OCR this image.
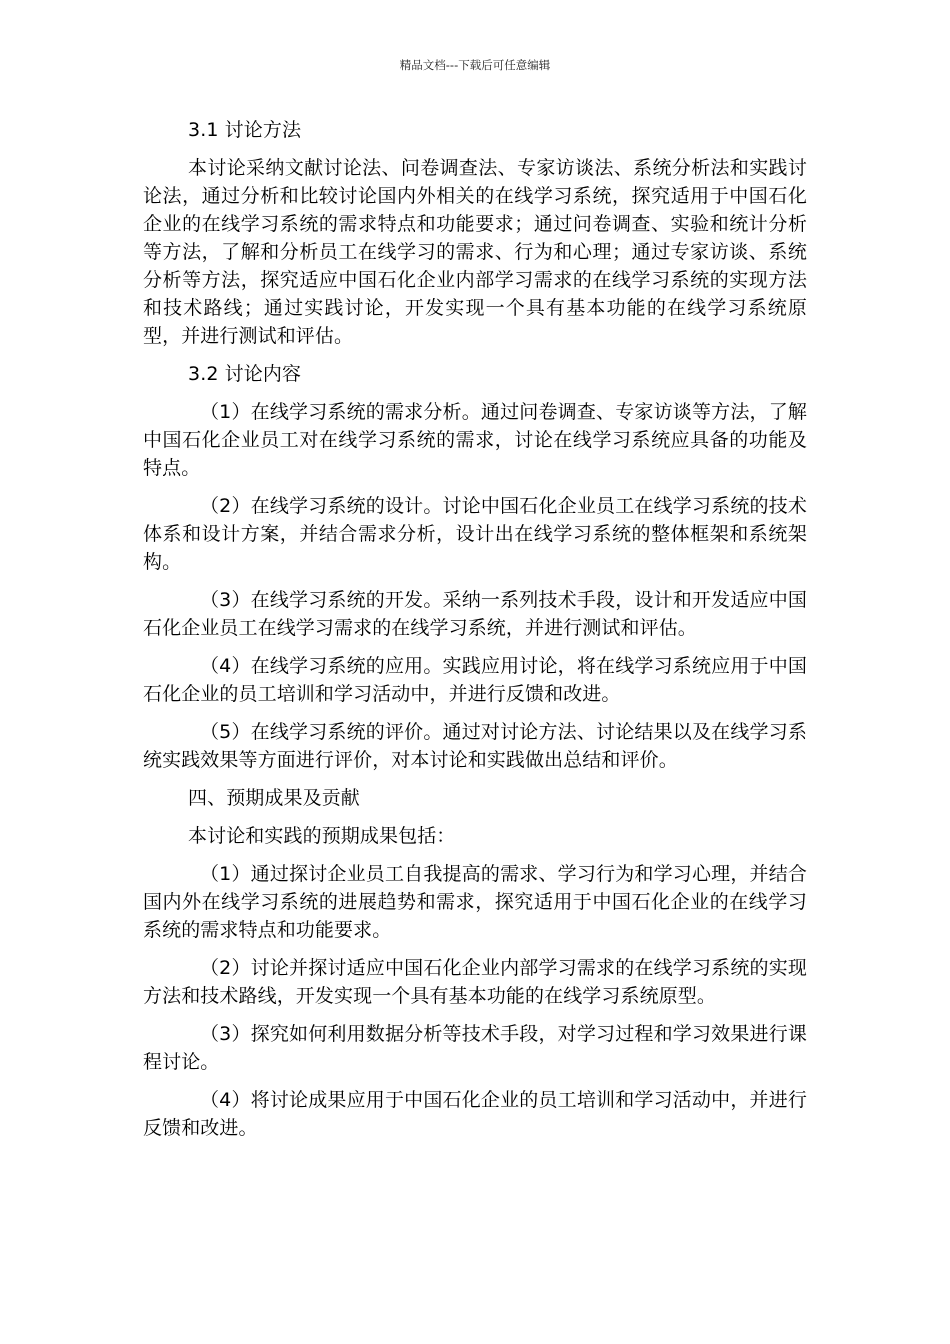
精品文档---下载后可任意编辑

3.1 讨论方法

本讨论采纳文献讨论法、问卷调查法、专家访谈法、系统分析法和实践讨论法，通过分析和比较讨论国内外相关的在线学习系统，探究适用于中国石化企业的在线学习系统的需求特点和功能要求；通过问卷调查、实验和统计分析等方法，了解和分析员工在线学习的需求、行为和心理；通过专家访谈、系统分析等方法，探究适应中国石化企业内部学习需求的在线学习系统的实现方法和技术路线；通过实践讨论，开发实现一个具有基本功能的在线学习系统原型，并进行测试和评估。

3.2 讨论内容

（1）在线学习系统的需求分析。通过问卷调查、专家访谈等方法，了解中国石化企业员工对在线学习系统的需求，讨论在线学习系统应具备的功能及特点。

（2）在线学习系统的设计。讨论中国石化企业员工在线学习系统的技术体系和设计方案，并结合需求分析，设计出在线学习系统的整体框架和系统架构。

（3）在线学习系统的开发。采纳一系列技术手段，设计和开发适应中国石化企业员工在线学习需求的在线学习系统，并进行测试和评估。

（4）在线学习系统的应用。实践应用讨论，将在线学习系统应用于中国石化企业的员工培训和学习活动中，并进行反馈和改进。

（5）在线学习系统的评价。通过对讨论方法、讨论结果以及在线学习系统实践效果等方面进行评价，对本讨论和实践做出总结和评价。

四、预期成果及贡献

本讨论和实践的预期成果包括：

（1）通过探讨企业员工自我提高的需求、学习行为和学习心理，并结合国内外在线学习系统的进展趋势和需求，探究适用于中国石化企业的在线学习系统的需求特点和功能要求。

（2）讨论并探讨适应中国石化企业内部学习需求的在线学习系统的实现方法和技术路线，开发实现一个具有基本功能的在线学习系统原型。

（3）探究如何利用数据分析等技术手段，对学习过程和学习效果进行课程讨论。

（4）将讨论成果应用于中国石化企业的员工培训和学习活动中，并进行反馈和改进。
